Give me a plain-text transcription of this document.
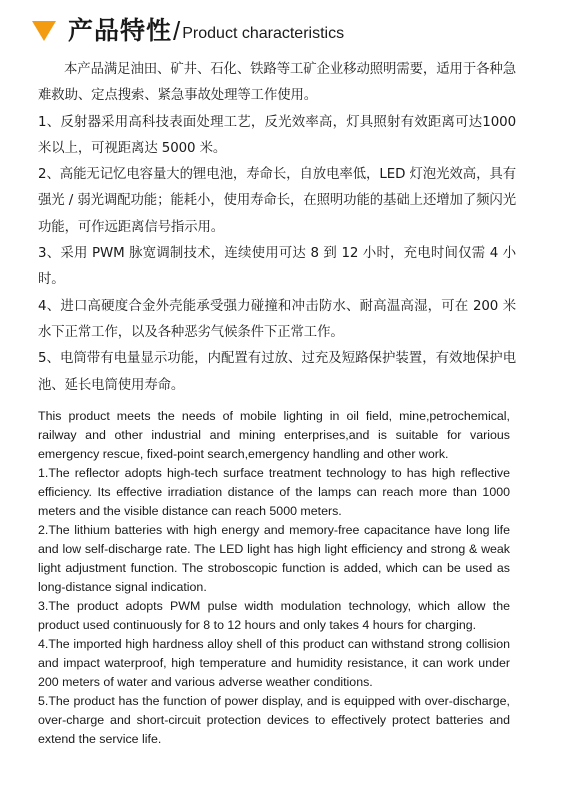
产品特性 / Product characteristics

本产品满足油田、矿井、石化、铁路等工矿企业移动照明需要，适用于各种急难救助、定点搜索、紧急事故处理等工作使用。

1、反射器采用高科技表面处理工艺，反光效率高，灯具照射有效距离可达1000 米以上，可视距离达 5000 米。

2、高能无记忆电容量大的锂电池，寿命长，自放电率低，LED 灯泡光效高，具有强光 / 弱光调配功能；能耗小，使用寿命长，在照明功能的基础上还增加了频闪光功能，可作远距离信号指示用。

3、采用 PWM 脉宽调制技术，连续使用可达 8 到 12 小时，充电时间仅需 4 小时。

4、进口高硬度合金外壳能承受强力碰撞和冲击防水、耐高温高湿，可在 200 米水下正常工作，以及各种恶劣气候条件下正常工作。

5、电筒带有电量显示功能，内配置有过放、过充及短路保护装置，有效地保护电池、延长电筒使用寿命。

This product meets the needs of mobile lighting in oil field, mine,petrochemical, railway and other industrial and mining enterprises,and is suitable for various emergency rescue, fixed-point search,emergency handling and other work.

1.The reflector adopts high-tech surface treatment technology to has high reflective efficiency. Its effective irradiation distance of the lamps can reach more than 1000 meters and the visible distance can reach 5000 meters.

2.The lithium batteries with high energy and memory-free capacitance have long life and low self-discharge rate. The LED light has high light efficiency and strong & weak light adjustment function. The stroboscopic function is added, which can be used as long-distance signal indication.

3.The product adopts PWM pulse width modulation technology, which allow the product used continuously for 8 to 12 hours and only takes 4 hours for charging.

4.The imported high hardness alloy shell of this product can withstand strong collision and impact waterproof, high temperature and humidity resistance, it can work under 200 meters of water and various adverse weather conditions.

5.The product has the function of power display, and is equipped with over-discharge, over-charge and short-circuit protection devices to effectively protect batteries and extend the service life.
